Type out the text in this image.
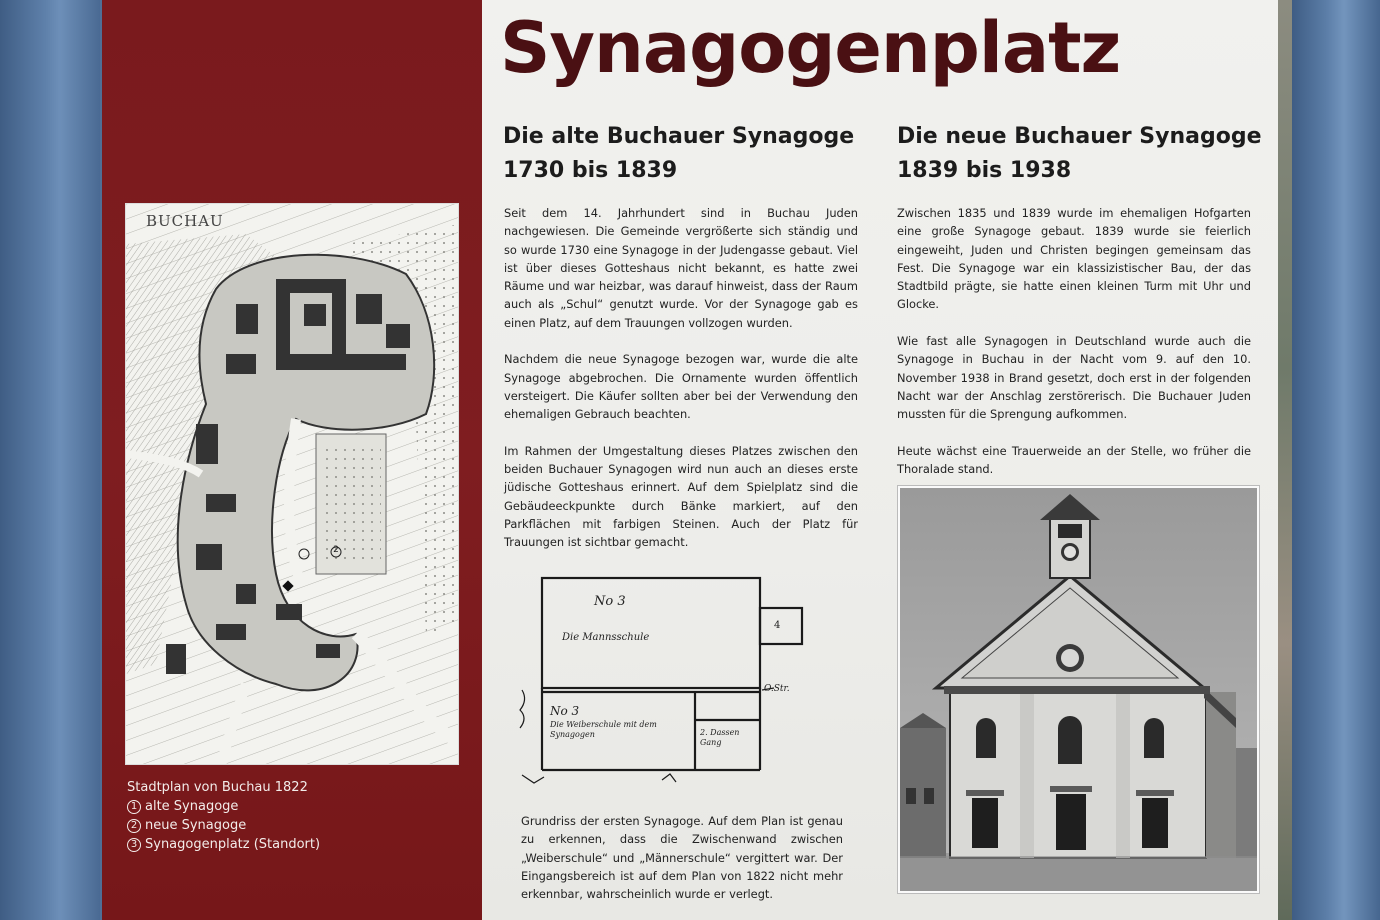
BUCHAU
2
Stadtplan von Buchau 1822
1 alte Synagoge
2 neue Synagoge
3 Synagogenplatz (Standort)
Synagogenplatz
Die alte Buchauer Synagoge
1730 bis 1839

Seit dem 14. Jahrhundert sind in Buchau Juden nachgewiesen. Die Gemeinde vergrößerte sich ständig und so wurde 1730 eine Synagoge in der Judengasse gebaut. Viel ist über dieses Gotteshaus nicht bekannt, es hatte zwei Räume und war heizbar, was darauf hinweist, dass der Raum auch als „Schul“ genutzt wurde. Vor der Synagoge gab es einen Platz, auf dem Trauungen vollzogen wurden.

Nachdem die neue Synagoge bezogen war, wurde die alte Synagoge abgebrochen. Die Ornamente wurden öffentlich versteigert. Die Käufer sollten aber bei der Verwendung den ehemaligen Gebrauch beachten.

Im Rahmen der Umgestaltung dieses Platzes zwischen den beiden Buchauer Synagogen wird nun auch an dieses erste jüdische Gotteshaus erinnert. Auf dem Spielplatz sind die Gebäudeeckpunkte durch Bänke markiert, auf den Parkflächen mit farbigen Steinen. Auch der Platz für Trauungen ist sichtbar gemacht.

No 3
Die Mannsschule
No 3
Die Weiberschule mit dem Synagogen
4
2. Dassen Gang
O.Str.
Grundriss der ersten Synagoge. Auf dem Plan ist genau zu erkennen, dass die Zwischenwand zwischen „Weiberschule“ und „Männerschule“ vergittert war. Der Eingangsbereich ist auf dem Plan von 1822 nicht mehr erkennbar, wahrscheinlich wurde er verlegt.
Die neue Buchauer Synagoge
1839 bis 1938

Zwischen 1835 und 1839 wurde im ehemaligen Hofgarten eine große Synagoge gebaut. 1839 wurde sie feierlich eingeweiht, Juden und Christen begingen gemeinsam das Fest. Die Synagoge war ein klassizistischer Bau, der das Stadtbild prägte, sie hatte einen kleinen Turm mit Uhr und Glocke.

Wie fast alle Synagogen in Deutschland wurde auch die Synagoge in Buchau in der Nacht vom 9. auf den 10. November 1938 in Brand gesetzt, doch erst in der folgenden Nacht war der Anschlag zerstörerisch. Die Buchauer Juden mussten für die Sprengung aufkommen.

Heute wächst eine Trauerweide an der Stelle, wo früher die Thoralade stand.
